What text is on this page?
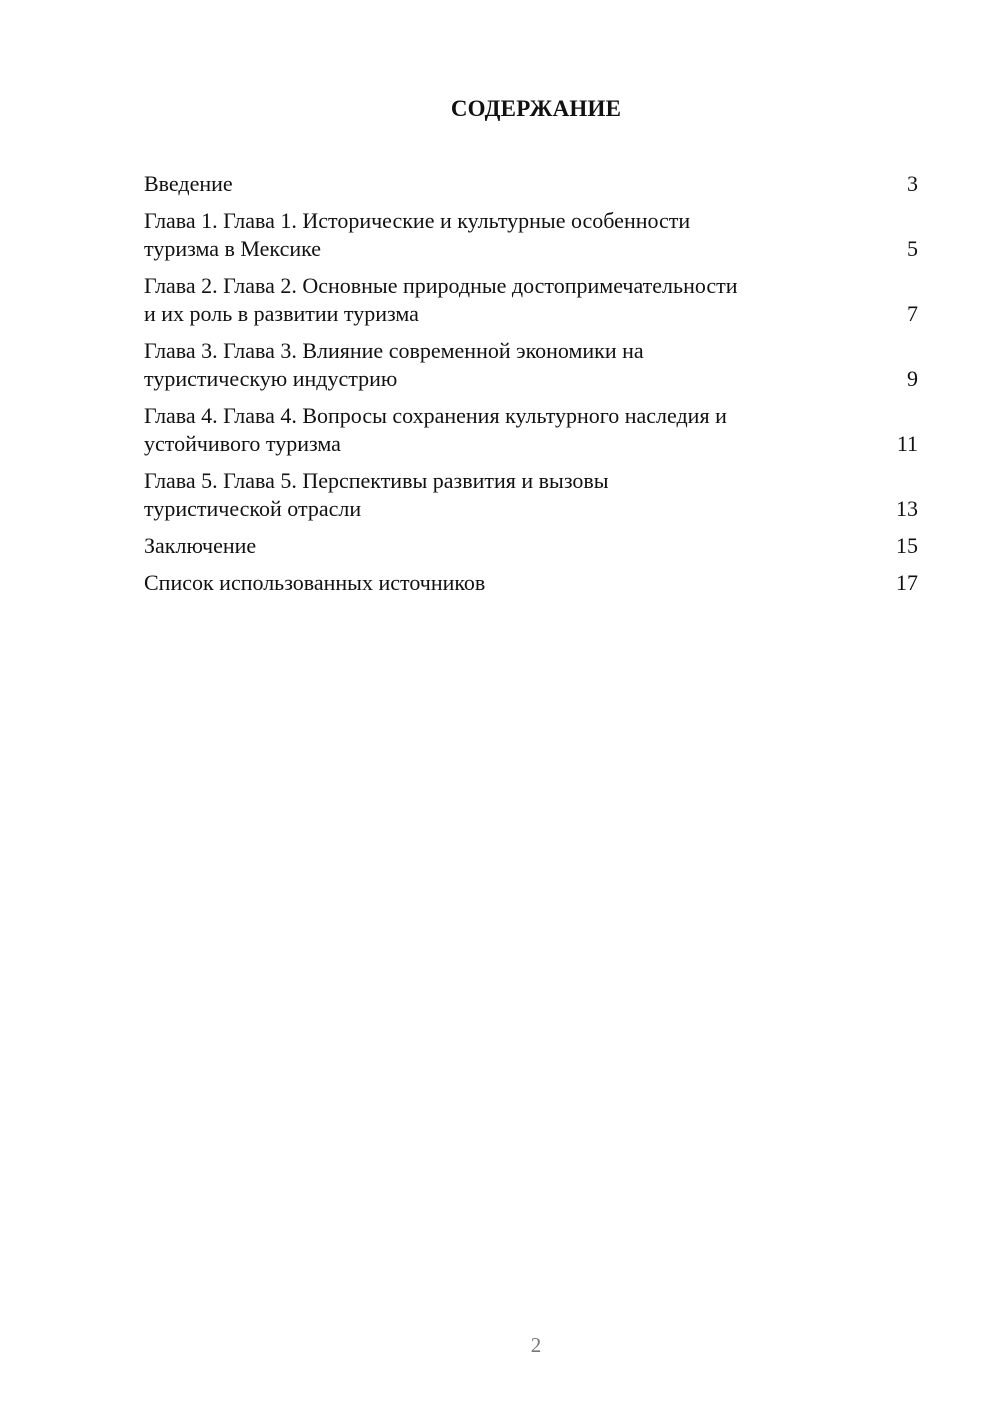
СОДЕРЖАНИЕ
Введение	3
Глава 1. Глава 1. Исторические и культурные особенности
туризма в Мексике	5
Глава 2. Глава 2. Основные природные достопримечательности
и их роль в развитии туризма	7
Глава 3. Глава 3. Влияние современной экономики на
туристическую индустрию	9
Глава 4. Глава 4. Вопросы сохранения культурного наследия и
устойчивого туризма	11
Глава 5. Глава 5. Перспективы развития и вызовы
туристической отрасли	13
Заключение	15
Список использованных источников	17
2
